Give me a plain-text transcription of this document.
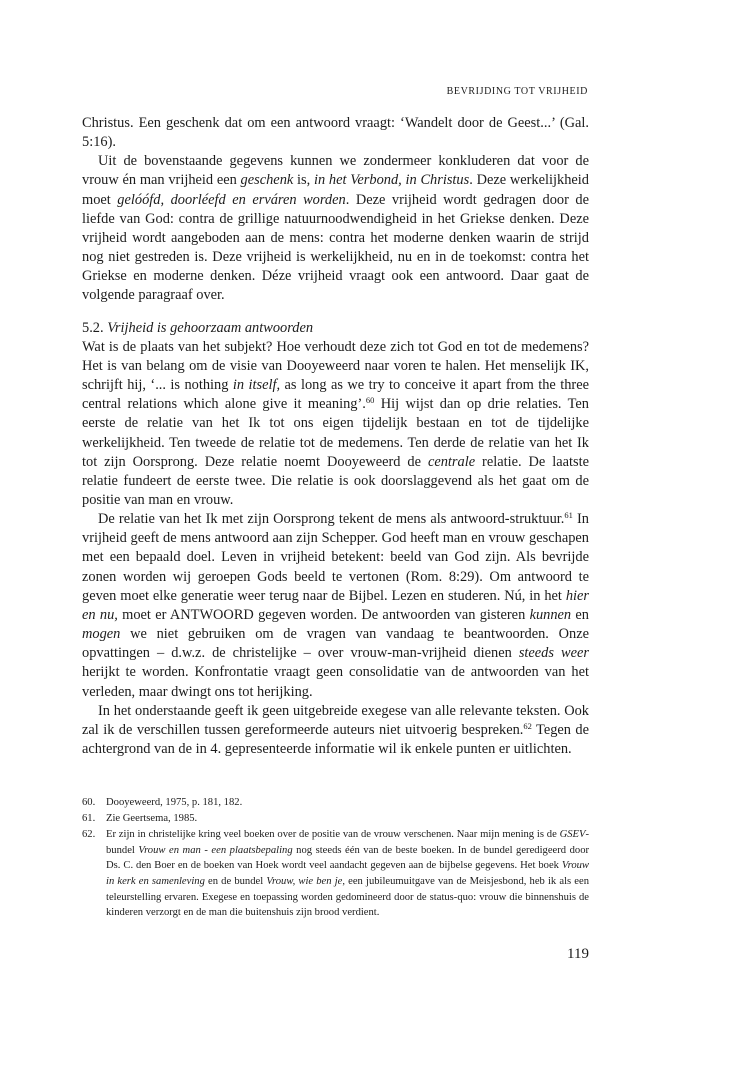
BEVRIJDING TOT VRIJHEID

Christus. Een geschenk dat om een antwoord vraagt: ‘Wandelt door de Geest...’ (Gal. 5:16).

Uit de bovenstaande gegevens kunnen we zondermeer konkluderen dat voor de vrouw én man vrijheid een geschenk is, in het Verbond, in Christus. Deze werkelijkheid moet gelóófd, doorléefd en erváren worden. Deze vrijheid wordt gedragen door de liefde van God: contra de grillige natuurnoodwendigheid in het Griekse denken. Deze vrijheid wordt aangeboden aan de mens: contra het moderne denken waarin de strijd nog niet gestreden is. Deze vrijheid is werkelijkheid, nu en in de toekomst: contra het Griekse en moderne denken. Déze vrijheid vraagt ook een antwoord. Daar gaat de volgende paragraaf over.

5.2. Vrijheid is gehoorzaam antwoorden

Wat is de plaats van het subjekt? Hoe verhoudt deze zich tot God en tot de medemens? Het is van belang om de visie van Dooyeweerd naar voren te halen. Het menselijk IK, schrijft hij, ‘... is nothing in itself, as long as we try to conceive it apart from the three central relations which alone give it meaning’.$^{60}$ Hij wijst dan op drie relaties. Ten eerste de relatie van het Ik tot ons eigen tijdelijk bestaan en tot de tijdelijke werkelijkheid. Ten tweede de relatie tot de medemens. Ten derde de relatie van het Ik tot zijn Oorsprong. Deze relatie noemt Dooyeweerd de centrale relatie. De laatste relatie fundeert de eerste twee. Die relatie is ook doorslaggevend als het gaat om de positie van man en vrouw.

De relatie van het Ik met zijn Oorsprong tekent de mens als antwoord-struktuur.$^{61}$ In vrijheid geeft de mens antwoord aan zijn Schepper. God heeft man en vrouw geschapen met een bepaald doel. Leven in vrijheid betekent: beeld van God zijn. Als bevrijde zonen worden wij geroepen Gods beeld te vertonen (Rom. 8:29). Om antwoord te geven moet elke generatie weer terug naar de Bijbel. Lezen en studeren. Nú, in het hier en nu, moet er ANTWOORD gegeven worden. De antwoorden van gisteren kunnen en mogen we niet gebruiken om de vragen van vandaag te beantwoorden. Onze opvattingen – d.w.z. de christelijke – over vrouw-man-vrijheid dienen steeds weer herijkt te worden. Konfrontatie vraagt geen consolidatie van de antwoorden van het verleden, maar dwingt ons tot herijking.

In het onderstaande geeft ik geen uitgebreide exegese van alle relevante teksten. Ook zal ik de verschillen tussen gereformeerde auteurs niet uitvoerig bespreken.$^{62}$ Tegen de achtergrond van de in 4. gepresenteerde informatie wil ik enkele punten er uitlichten.

60.	Dooyeweerd, 1975, p. 181, 182.
61.	Zie Geertsema, 1985.
62.	Er zijn in christelijke kring veel boeken over de positie van de vrouw verschenen. Naar mijn mening is de GSEV-bundel Vrouw en man - een plaatsbepaling nog steeds één van de beste boeken. In de bundel geredigeerd door Ds. C. den Boer en de boeken van Hoek wordt veel aandacht gegeven aan de bijbelse gegevens. Het boek Vrouw in kerk en samenleving en de bundel Vrouw, wie ben je, een jubileumuitgave van de Meisjesbond, heb ik als een teleurstelling ervaren. Exegese en toepassing worden gedomineerd door de status-quo: vrouw die binnenshuis de kinderen verzorgt en de man die buitenshuis zijn brood verdient.
119
